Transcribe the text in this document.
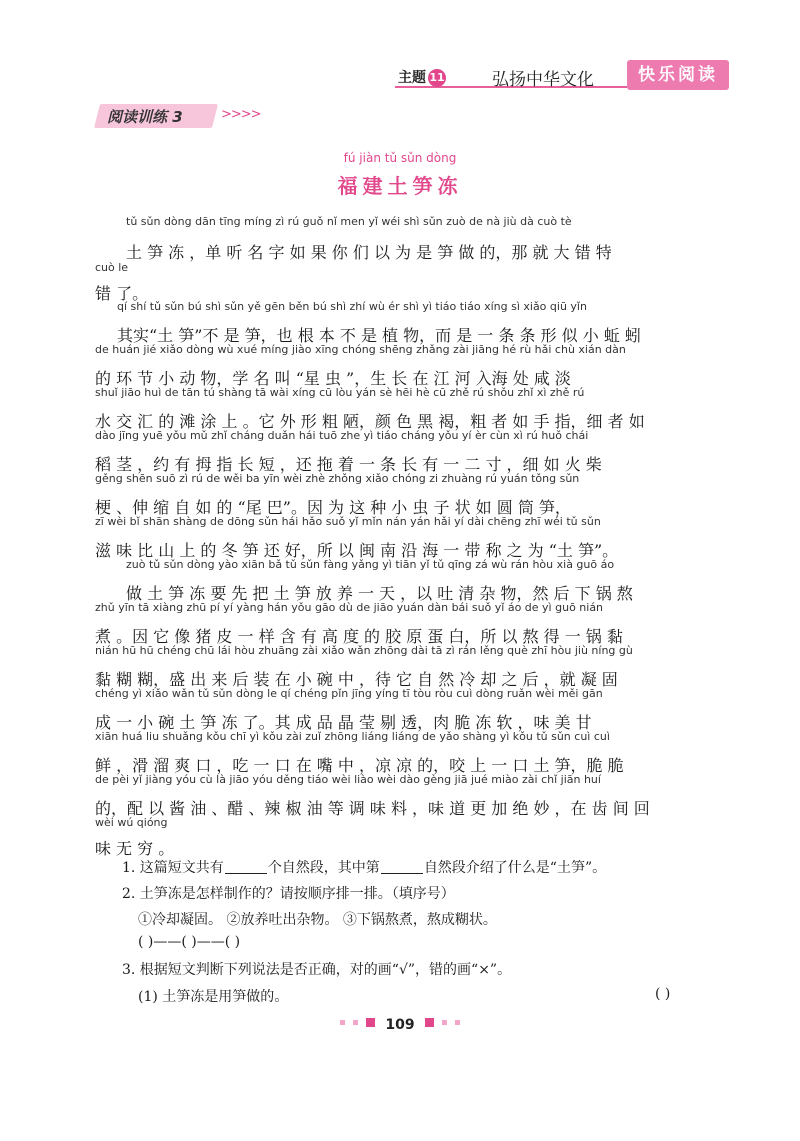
主题 11	弘扬中华文化	快乐阅读
阅读训练 3	>>>>
fú jiàn tǔ sǔn dòng
福建土笋冻
tǔ sǔn dòng dān tīng míng zì rú guǒ nǐ men yǐ wéi shì sǔn zuò de nà jiù dà cuò tè
土 笋 冻 ，单 听 名 字 如 果 你 们 以 为 是 笋 做 的，那 就 大 错 特
cuò le
错 了。
qí shí tǔ sǔn bú shì sǔn yě gēn běn bú shì zhí wù ér shì yì tiáo tiáo xíng sì xiǎo qiū yǐn
其实“土 笋”不 是 笋，也 根 本 不 是 植 物，而 是 一 条 条 形 似 小 蚯 蚓
de huán jié xiǎo dòng wù xué míng jiào xīng chóng shēng zhǎng zài jiāng hé rù hǎi chù xián dàn
的 环 节 小 动 物，学 名 叫 “星 虫 ”，生 长 在 江 河 入海 处 咸 淡
shuǐ jiāo huì de tān tú shàng tā wài xíng cū lòu yán sè hēi hè cū zhě rú shǒu zhǐ xì zhě rú
水 交 汇 的 滩 涂 上 。它 外 形 粗 陋，颜 色 黑 褐，粗 者 如 手 指，细 者 如
dào jīng yuē yǒu mǔ zhǐ cháng duǎn hái tuō zhe yì tiáo cháng yǒu yí èr cùn xì rú huǒ chái
稻 茎 ，约 有 拇 指 长 短 ，还 拖 着 一 条 长 有 一 二 寸 ，细 如 火 柴
gěng shēn suō zì rú de wěi ba yīn wèi zhè zhǒng xiǎo chóng zi zhuàng rú yuán tǒng sǔn
梗 、伸 缩 自 如 的 “尾 巴”。因 为 这 种 小 虫 子 状 如 圆 筒 笋，
zī wèi bǐ shān shàng de dōng sǔn hái hǎo suǒ yǐ mǐn nán yán hǎi yí dài chēng zhī wéi tǔ sǔn
滋 味 比 山 上 的 冬 笋 还 好，所 以 闽 南 沿 海 一 带 称 之 为 “土 笋”。
zuò tǔ sǔn dòng yào xiān bǎ tǔ sǔn fàng yǎng yì tiān yǐ tǔ qīng zá wù rán hòu xià guō áo
做 土 笋 冻 要 先 把 土 笋 放 养 一 天 ，以 吐 清 杂 物，然 后 下 锅 熬
zhǔ yīn tā xiàng zhū pí yí yàng hán yǒu gāo dù de jiāo yuán dàn bái suǒ yǐ áo de yì guō nián
煮 。因 它 像 猪 皮 一 样 含 有 高 度 的 胶 原 蛋 白，所 以 熬 得 一 锅 黏
nián hū hū chéng chū lái hòu zhuāng zài xiǎo wǎn zhōng dài tā zì rán lěng què zhī hòu jiù níng gù
黏 糊 糊，盛 出 来 后 装 在 小 碗 中 ，待 它 自 然 冷 却 之 后 ，就 凝 固
chéng yì xiǎo wǎn tǔ sǔn dòng le qí chéng pǐn jīng yíng tī tòu ròu cuì dòng ruǎn wèi měi gān
成 一 小 碗 土 笋 冻 了。其 成 品 晶 莹 剔 透，肉 脆 冻 软 ，味 美 甘
xiān huá liu shuǎng kǒu chī yì kǒu zài zuǐ zhōng liáng liáng de yǎo shàng yì kǒu tǔ sǔn cuì cuì
鲜 ，滑 溜 爽 口 ，吃 一 口 在 嘴 中 ，凉 凉 的，咬 上 一 口 土 笋，脆 脆
de pèi yǐ jiàng yóu cù là jiāo yóu děng tiáo wèi liào wèi dào gèng jiā jué miào zài chǐ jiān huí
的，配 以 酱 油 、醋 、辣 椒 油 等 调 味 料 ，味 道 更 加 绝 妙 ，在 齿 间 回
wèi wú qióng
味 无 穷 。
1. 这篇短文共有	个自然段，其中第	自然段介绍了什么是“土笋”。
2. 土笋冻是怎样制作的？请按顺序排一排。（填序号）
①冷却凝固。 ②放养吐出杂物。 ③下锅熬煮，熬成糊状。
( )——( )——( )
3. 根据短文判断下列说法是否正确，对的画“√”，错的画“×”。
(1) 土笋冻是用笋做的。	( )
109
